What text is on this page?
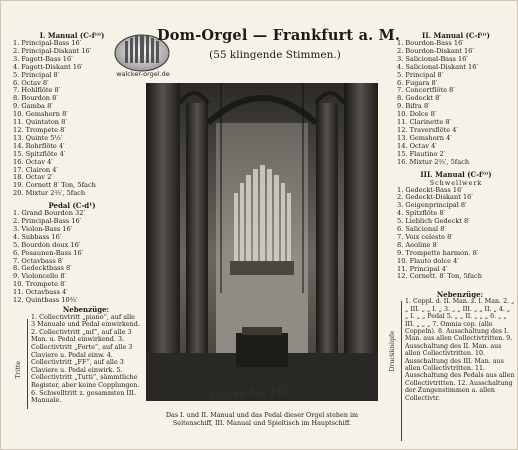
walcker-orgel.de
Dom-Orgel — Frankfurt a. M.
(55 klingende Stimmen.)
I. Manual (C-f⁾⁾⁾)
1. Principal-Bass 16′
2. Principal-Diskant 16′
3. Fagott-Bass 16′
4. Fagott-Diskant 16′
5. Principal 8′
6. Octav 8′
7. Hohlflöte 8′
8. Bourdon 8′
9. Gamba 8′
10. Gemshorn 8′
11. Quintaton 8′
12. Trompete 8′
13. Quinte 5⅓′
14. Rohrflöte 4′
15. Spitzflöte 4′
16. Octav 4′
17. Clairon 4′
18. Octav 2′
19. Cornett 8′ Ton, 5fach
20. Mixtur 2⅔′, 5fach
Pedal (C-d¹)
1. Grand Bourdon 32′
2. Principal-Bass 16′
3. Violon-Bass 16′
4. Subbass 16′
5. Bourdon doux 16′
6. Posaunen-Bass 16′
7. Octavbass 8′
8. Gedecktbass 8′
9. Violoncello 8′
10. Trompete 8′
11. Octavbass 4′
12. Quintbass 10⅔′
Tritte
Nebenzüge:
1. Collectivtritt „piano“, auf alle 3 Manuale und Pedal einwirkend. 2. Collectivtritt „mf“, auf alle 3 Man. u. Pedal einwirkend. 3. Collectivtritt „Forte“, auf alle 3 Claviere u. Pedal einw. 4. Collectivtritt „FF“, auf alle 3 Claviere u. Pedal einwirk. 5. Collectivtritt „Tutti“, sämmtliche Register, aber keine Copplungen. 6. Schwelltritt z. gesammten III. Manuale.	Cliché No 105
Das I. und II. Manual und das Pedal dieser Orgel stehen im Seitenschiff, III. Manual und Spieltisch im Hauptschiff.
II. Manual (C-f⁾⁾⁾)
1. Bourdon-Bass 16′
2. Bourdon-Diskant 16′
3. Salicional-Bass 16′
4. Salicional-Diskant 16′
5. Principal 8′
6. Fugara 8′
7. Concertflöte 8′
8. Gedeckt 8′
9. Bifra 8′
10. Dolce 8′
11. Clarinette 8′
12. Traversflöte 4′
13. Gemshorn 4′
14. Octav 4′
15. Flautino 2′
16. Mixtur 2⅔′, 5fach
III. Manual (C-f⁾⁾⁾)
Schwellwerk
1. Gedeckt-Bass 16′
2. Gedeckt-Diskant 16′
3. Geigenprincipal 8′
4. Spitzflöte 8′
5. Lieblich Gedeckt 8′
6. Salicional 8′
7. Voix celeste 8′
8. Aeoline 8′
9. Trompette harmon. 8′
10. Flauto dolce 4′
11. Principal 4′
12. Cornett. 8′ Ton, 5fach
Druckknöpfe
Nebenzüge:
1. Coppl. d. II. Man. z. I. Man. 2. „ „ III. „ „ I. „ 3. „ „ III. „ „ II. „ 4. „ „ I. „ „ Pedal 5. „ „ II. „ „ „ 6. „ „ III. „ „ „ 7. Omnia cop. (alle Coppeln). 8. Ausschaltung des I. Man. aus allen Collectivtritten. 9. Ausschaltung des II. Man. aus allen Collectivtritten. 10. Ausschaltung des III. Man. aus allen Collectivtritten. 11. Ausschaltung des Pedals aus allen Collectivtritten. 12. Ausschaltung der Zungenstimmen a. allen Collectivtr.
